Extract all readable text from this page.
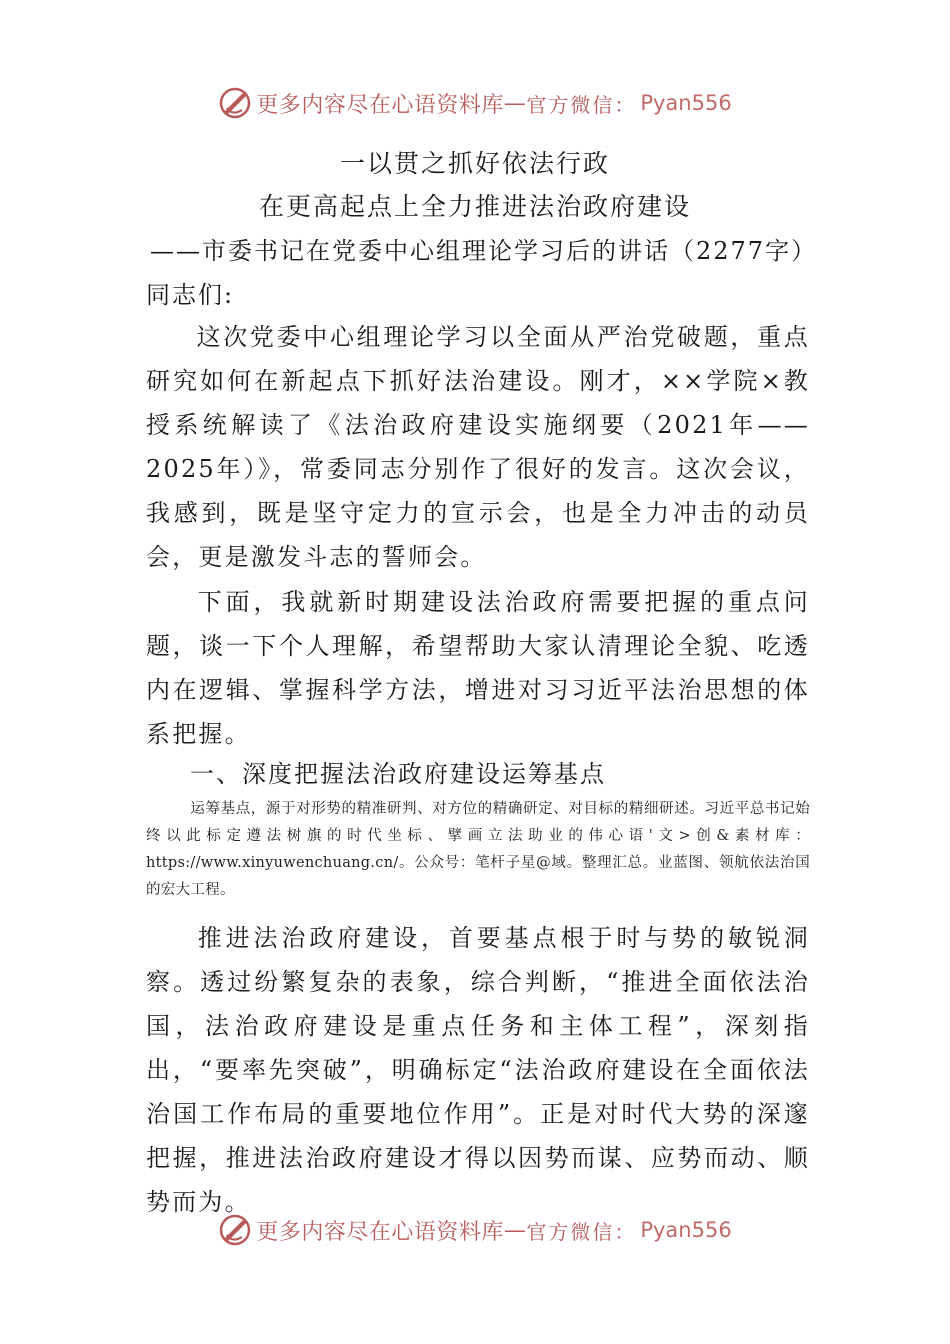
更多内容尽在心语资料库 — 官方微信： Pyan556
一以贯之抓好依法行政
在更高起点上全力推进法治政府建设
——市委书记在党委中心组理论学习后的讲话（2277字）
同志们:
这次党委中心组理论学习以全面从严治党破题，重点研究如何在新起点下抓好法治建设。刚才，××学院×教授系统解读了《法治政府建设实施纲要（2021年——2025年）》，常委同志分别作了很好的发言。这次会议，我感到，既是坚守定力的宣示会，也是全力冲击的动员会，更是激发斗志的誓师会。
下面，我就新时期建设法治政府需要把握的重点问题，谈一下个人理解，希望帮助大家认清理论全貌、吃透内在逻辑、掌握科学方法，增进对习习近平法治思想的体系把握。
一、深度把握法治政府建设运筹基点
运筹基点，源于对形势的精准研判、对方位的精确研定、对目标的精细研述。习近平总书记始终以此标定遵法树旗的时代坐标、擘画立法助业的伟心语'文>创&素材库：https://www.xinyuwenchuang.cn/。公众号：笔杆子星@域。整理汇总。业蓝图、领航依法治国的宏大工程。
推进法治政府建设，首要基点根于时与势的敏锐洞察。透过纷繁复杂的表象，综合判断，“推进全面依法治国，法治政府建设是重点任务和主体工程”，深刻指出，“要率先突破”，明确标定“法治政府建设在全面依法治国工作布局的重要地位作用”。正是对时代大势的深邃把握，推进法治政府建设才得以因势而谋、应势而动、顺势而为。
更多内容尽在心语资料库 — 官方微信： Pyan556
